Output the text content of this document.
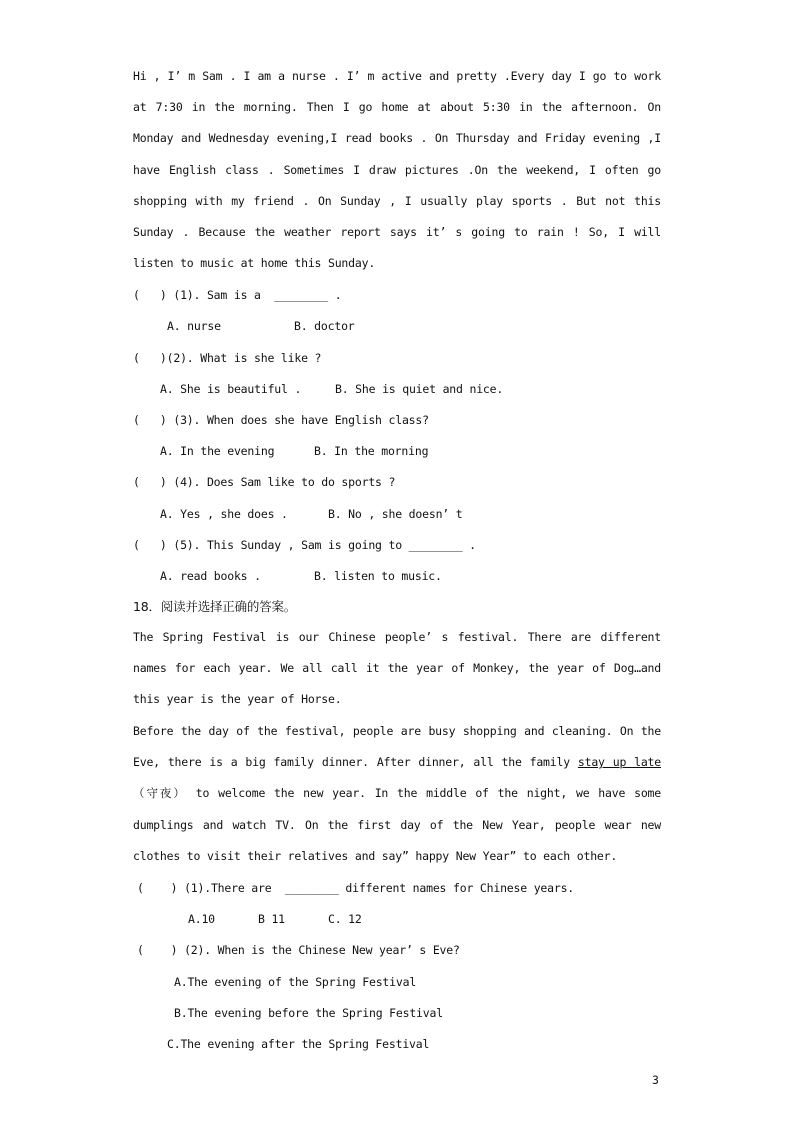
Hi , I’ m Sam . I am a nurse . I’ m active and pretty .Every day I go to work at 7:30 in the morning. Then I go home at about 5:30 in the afternoon. On Monday and Wednesday evening,I read books . On Thursday and Friday evening ,I have English class . Sometimes I draw pictures .On the weekend, I often go shopping with my friend . On Sunday , I usually play sports . But not this Sunday . Because the weather report says it’ s going to rain ! So, I will listen to music at home this Sunday.
(   ) (1). Sam is a  ________ .
A. nurse	B. doctor
(   )(2). What is she like ?
A. She is beautiful .	B. She is quiet and nice.
(   ) (3). When does she have English class?
A. In the evening	B. In the morning
(   ) (4). Does Sam like to do sports ?
A. Yes , she does .	B. No , she doesn’ t
(   ) (5). This Sunday , Sam is going to ________ .
A. read books .	B. listen to music.
18．阅读并选择正确的答案。
The Spring Festival is our Chinese people’ s festival. There are different names for each year. We all call it the year of Monkey, the year of Dog…and this year is the year of Horse.
Before the day of the festival, people are busy shopping and cleaning. On the Eve, there is a big family dinner. After dinner, all the family stay up late（守夜） to welcome the new year. In the middle of the night, we have some dumplings and watch TV. On the first day of the New Year, people wear new clothes to visit their relatives and say” happy New Year” to each other.
(    ) (1).There are  ________ different names for Chinese years.
A.10	B 11	C. 12
(    ) (2). When is the Chinese New year’ s Eve?
A.The evening of the Spring Festival
B.The evening before the Spring Festival
C.The evening after the Spring Festival
3
